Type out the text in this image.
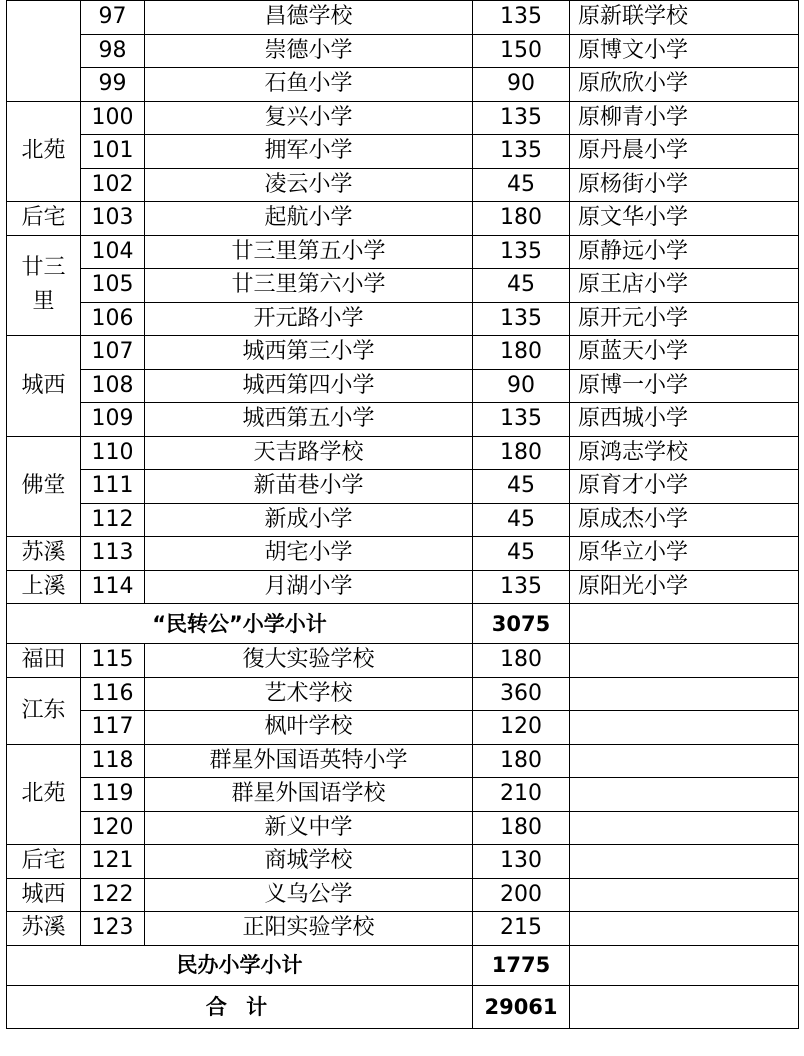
	97	昌德学校	135	原新联学校
	98	崇德小学	150	原博文小学
	99	石鱼小学	90	原欣欣小学
北苑	100	复兴小学	135	原柳青小学
	101	拥军小学	135	原丹晨小学
	102	凌云小学	45	原杨街小学
后宅	103	起航小学	180	原文华小学
廿三里	104	廿三里第五小学	135	原静远小学
	105	廿三里第六小学	45	原王店小学
	106	开元路小学	135	原开元小学
城西	107	城西第三小学	180	原蓝天小学
	108	城西第四小学	90	原博一小学
	109	城西第五小学	135	原西城小学
佛堂	110	天吉路学校	180	原鸿志学校
	111	新苗巷小学	45	原育才小学
	112	新成小学	45	原成杰小学
苏溪	113	胡宅小学	45	原华立小学
上溪	114	月湖小学	135	原阳光小学
“民转公”小学小计			3075	
福田	115	復大实验学校	180	
江东	116	艺术学校	360	
	117	枫叶学校	120	
北苑	118	群星外国语英特小学	180	
	119	群星外国语学校	210	
	120	新义中学	180	
后宅	121	商城学校	130	
城西	122	义乌公学	200	
苏溪	123	正阳实验学校	215	
民办小学小计			1775	
合 计			29061	
